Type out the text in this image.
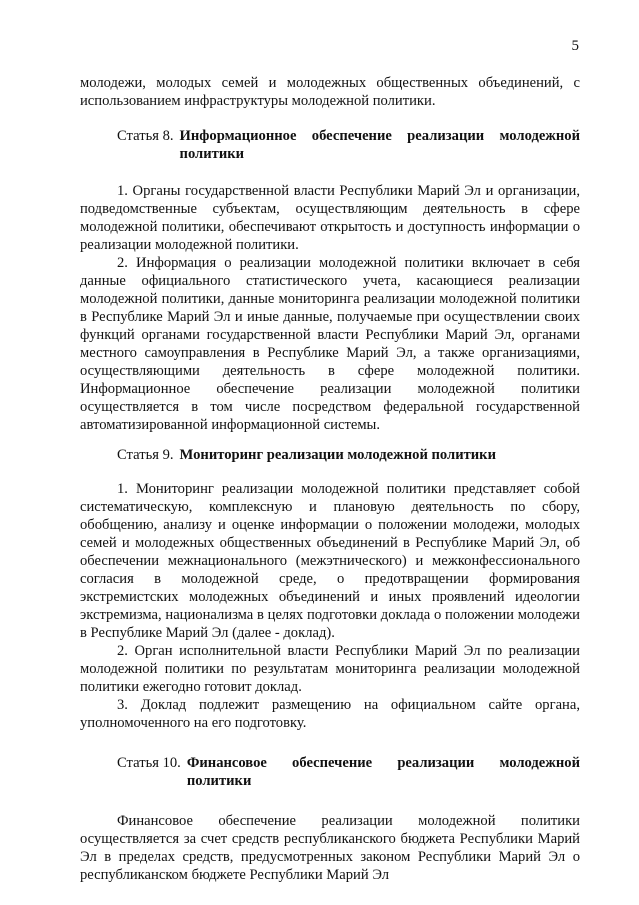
5

молодежи, молодых семей и молодежных общественных объединений, с использованием инфраструктуры молодежной политики.

Статья 8. Информационное обеспечение реализации молодежной политики

1. Органы государственной власти Республики Марий Эл и организации, подведомственные субъектам, осуществляющим деятельность в сфере молодежной политики, обеспечивают открытость и доступность информации о реализации молодежной политики.

2. Информация о реализации молодежной политики включает в себя данные официального статистического учета, касающиеся реализации молодежной политики, данные мониторинга реализации молодежной политики в Республике Марий Эл и иные данные, получаемые при осуществлении своих функций органами государственной власти Республики Марий Эл, органами местного самоуправления в Республике Марий Эл, а также организациями, осуществляющими деятельность в сфере молодежной политики. Информационное обеспечение реализации молодежной политики осуществляется в том числе посредством федеральной государственной автоматизированной информационной системы.

Статья 9. Мониторинг реализации молодежной политики

1. Мониторинг реализации молодежной политики представляет собой систематическую, комплексную и плановую деятельность по сбору, обобщению, анализу и оценке информации о положении молодежи, молодых семей и молодежных общественных объединений в Республике Марий Эл, об обеспечении межнационального (межэтнического) и межконфессионального согласия в молодежной среде, о предотвращении формирования экстремистских молодежных объединений и иных проявлений идеологии экстремизма, национализма в целях подготовки доклада о положении молодежи в Республике Марий Эл (далее - доклад).

2. Орган исполнительной власти Республики Марий Эл по реализации молодежной политики по результатам мониторинга реализации молодежной политики ежегодно готовит доклад.

3. Доклад подлежит размещению на официальном сайте органа, уполномоченного на его подготовку.

Статья 10. Финансовое обеспечение реализации молодежной политики

Финансовое обеспечение реализации молодежной политики осуществляется за счет средств республиканского бюджета Республики Марий Эл в пределах средств, предусмотренных законом Республики Марий Эл о республиканском бюджете Республики Марий Эл
